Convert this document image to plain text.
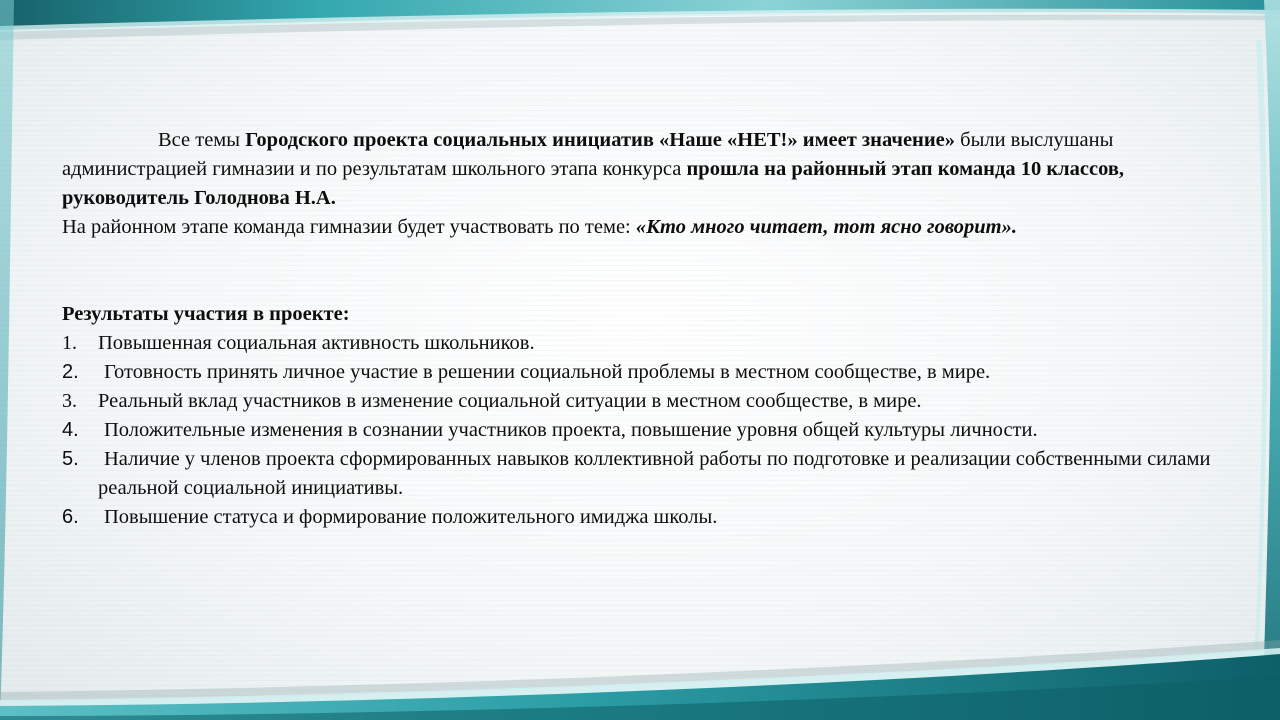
Все темы Городского проекта социальных инициатив «Наше «НЕТ!» имеет значение» были выслушаны администрацией гимназии и по результатам школьного этапа конкурса прошла на районный этап команда 10 классов, руководитель Голоднова Н.А.

На районном этапе команда гимназии будет участвовать по теме: «Кто много читает, тот ясно говорит».

Результаты участия в проекте:

1. Повышенная социальная активность школьников.
2. Готовность принять личное участие в решении социальной проблемы в местном сообществе, в мире.
3. Реальный вклад участников в изменение социальной ситуации в местном сообществе, в мире.
4. Положительные изменения в сознании участников проекта, повышение уровня общей культуры личности.
5. Наличие у членов проекта сформированных навыков коллективной работы по подготовке и реализации собственными силами реальной социальной инициативы.
6. Повышение статуса и формирование положительного имиджа школы.
